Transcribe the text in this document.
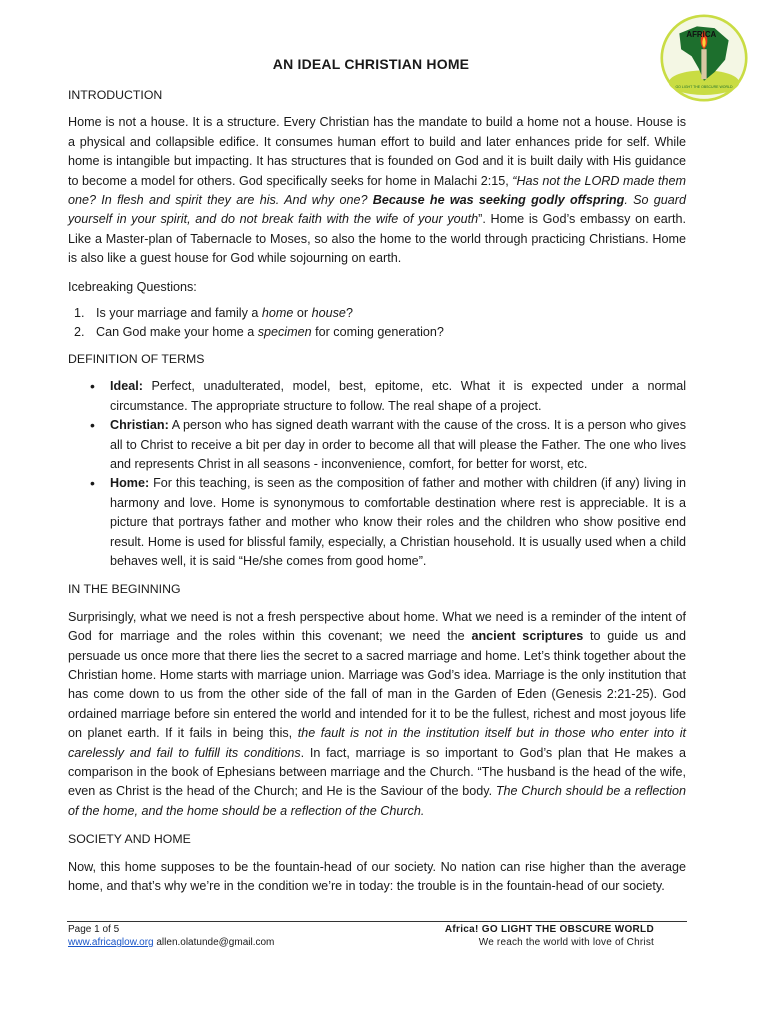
AFRICA
GO LIGHT THE OBSCURE WORLD
AN IDEAL CHRISTIAN HOME

INTRODUCTION

Home is not a house. It is a structure. Every Christian has the mandate to build a home not a house. House is a physical and collapsible edifice. It consumes human effort to build and later enhances pride for self. While home is intangible but impacting. It has structures that is founded on God and it is built daily with His guidance to become a model for others. God specifically seeks for home in Malachi 2:15, “Has not the LORD made them one? In flesh and spirit they are his. And why one? Because he was seeking godly offspring. So guard yourself in your spirit, and do not break faith with the wife of your youth”. Home is God’s embassy on earth. Like a Master-plan of Tabernacle to Moses, so also the home to the world through practicing Christians. Home is also like a guest house for God while sojourning on earth.

Icebreaking Questions:

1. Is your marriage and family a home or house?
2. Can God make your home a specimen for coming generation?

DEFINITION OF TERMS

• Ideal: Perfect, unadulterated, model, best, epitome, etc. What it is expected under a normal circumstance. The appropriate structure to follow. The real shape of a project.
• Christian: A person who has signed death warrant with the cause of the cross. It is a person who gives all to Christ to receive a bit per day in order to become all that will please the Father. The one who lives and represents Christ in all seasons - inconvenience, comfort, for better for worst, etc.
• Home: For this teaching, is seen as the composition of father and mother with children (if any) living in harmony and love. Home is synonymous to comfortable destination where rest is appreciable. It is a picture that portrays father and mother who know their roles and the children who show positive end result. Home is used for blissful family, especially, a Christian household. It is usually used when a child behaves well, it is said “He/she comes from good home”.

IN THE BEGINNING

Surprisingly, what we need is not a fresh perspective about home. What we need is a reminder of the intent of God for marriage and the roles within this covenant; we need the ancient scriptures to guide us and persuade us once more that there lies the secret to a sacred marriage and home. Let’s think together about the Christian home. Home starts with marriage union. Marriage was God’s idea. Marriage is the only institution that has come down to us from the other side of the fall of man in the Garden of Eden (Genesis 2:21-25). God ordained marriage before sin entered the world and intended for it to be the fullest, richest and most joyous life on planet earth. If it fails in being this, the fault is not in the institution itself but in those who enter into it carelessly and fail to fulfill its conditions. In fact, marriage is so important to God’s plan that He makes a comparison in the book of Ephesians between marriage and the Church. “The husband is the head of the wife, even as Christ is the head of the Church; and He is the Saviour of the body. The Church should be a reflection of the home, and the home should be a reflection of the Church.

SOCIETY AND HOME

Now, this home supposes to be the fountain-head of our society. No nation can rise higher than the average home, and that’s why we’re in the condition we’re in today: the trouble is in the fountain-head of our society.

Page 1 of 5
www.africaglow.org allen.olatunde@gmail.com
Africa! GO LIGHT THE OBSCURE WORLD
We reach the world with love of Christ
